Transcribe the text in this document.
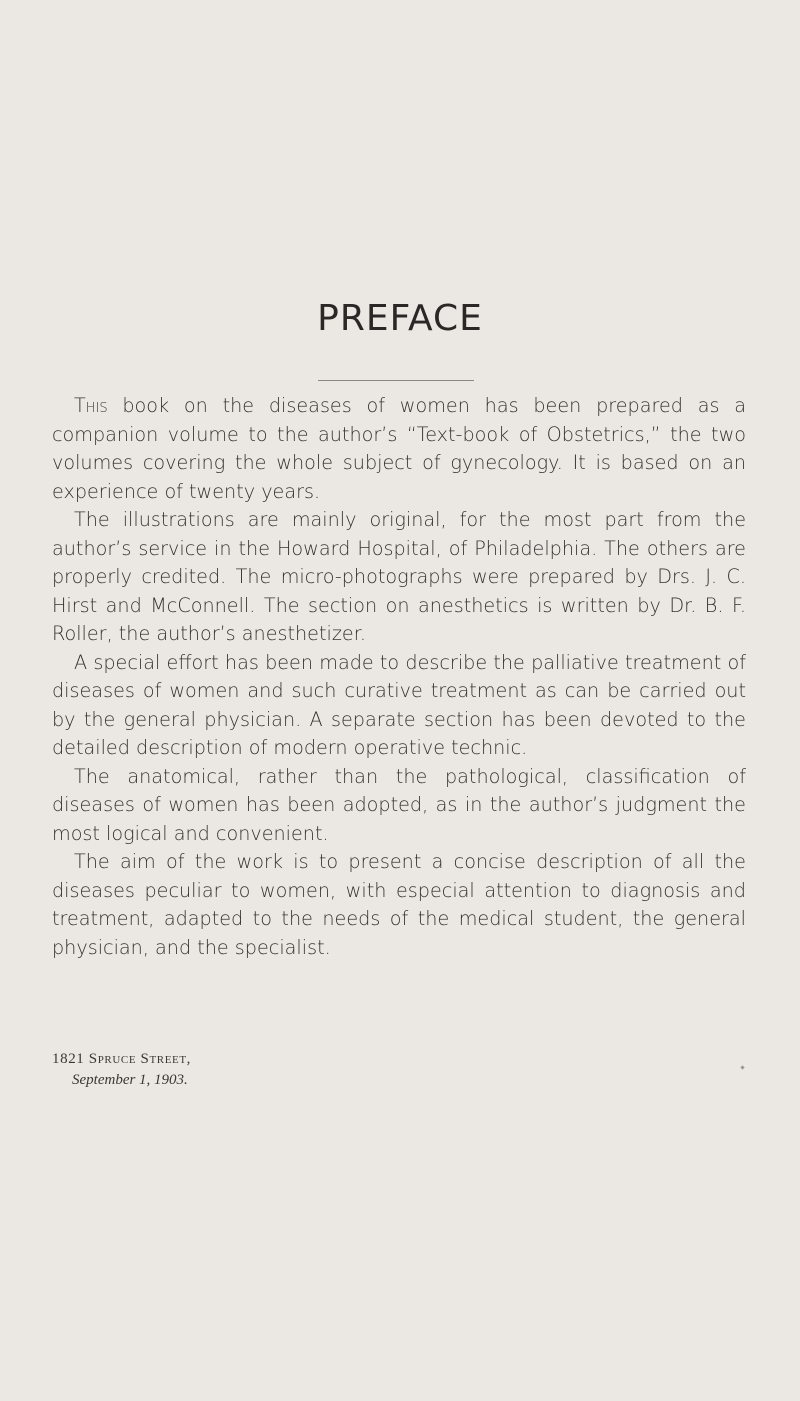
PREFACE

This book on the diseases of women has been prepared as a companion volume to the author’s “Text-book of Obstetrics,” the two volumes covering the whole subject of gynecology. It is based on an experience of twenty years.

The illustrations are mainly original, for the most part from the author’s service in the Howard Hospital, of Philadelphia. The others are properly credited. The micro-photographs were prepared by Drs. J. C. Hirst and McConnell. The section on anesthetics is written by Dr. B. F. Roller, the author’s anesthetizer.

A special effort has been made to describe the palliative treatment of diseases of women and such curative treatment as can be carried out by the general physician. A separate section has been devoted to the detailed description of modern operative technic.

The anatomical, rather than the pathological, classification of diseases of women has been adopted, as in the author’s judgment the most logical and convenient.

The aim of the work is to present a concise description of all the diseases peculiar to women, with especial attention to diagnosis and treatment, adapted to the needs of the medical student, the general physician, and the specialist.

1821 Spruce Street,
September 1, 1903.
